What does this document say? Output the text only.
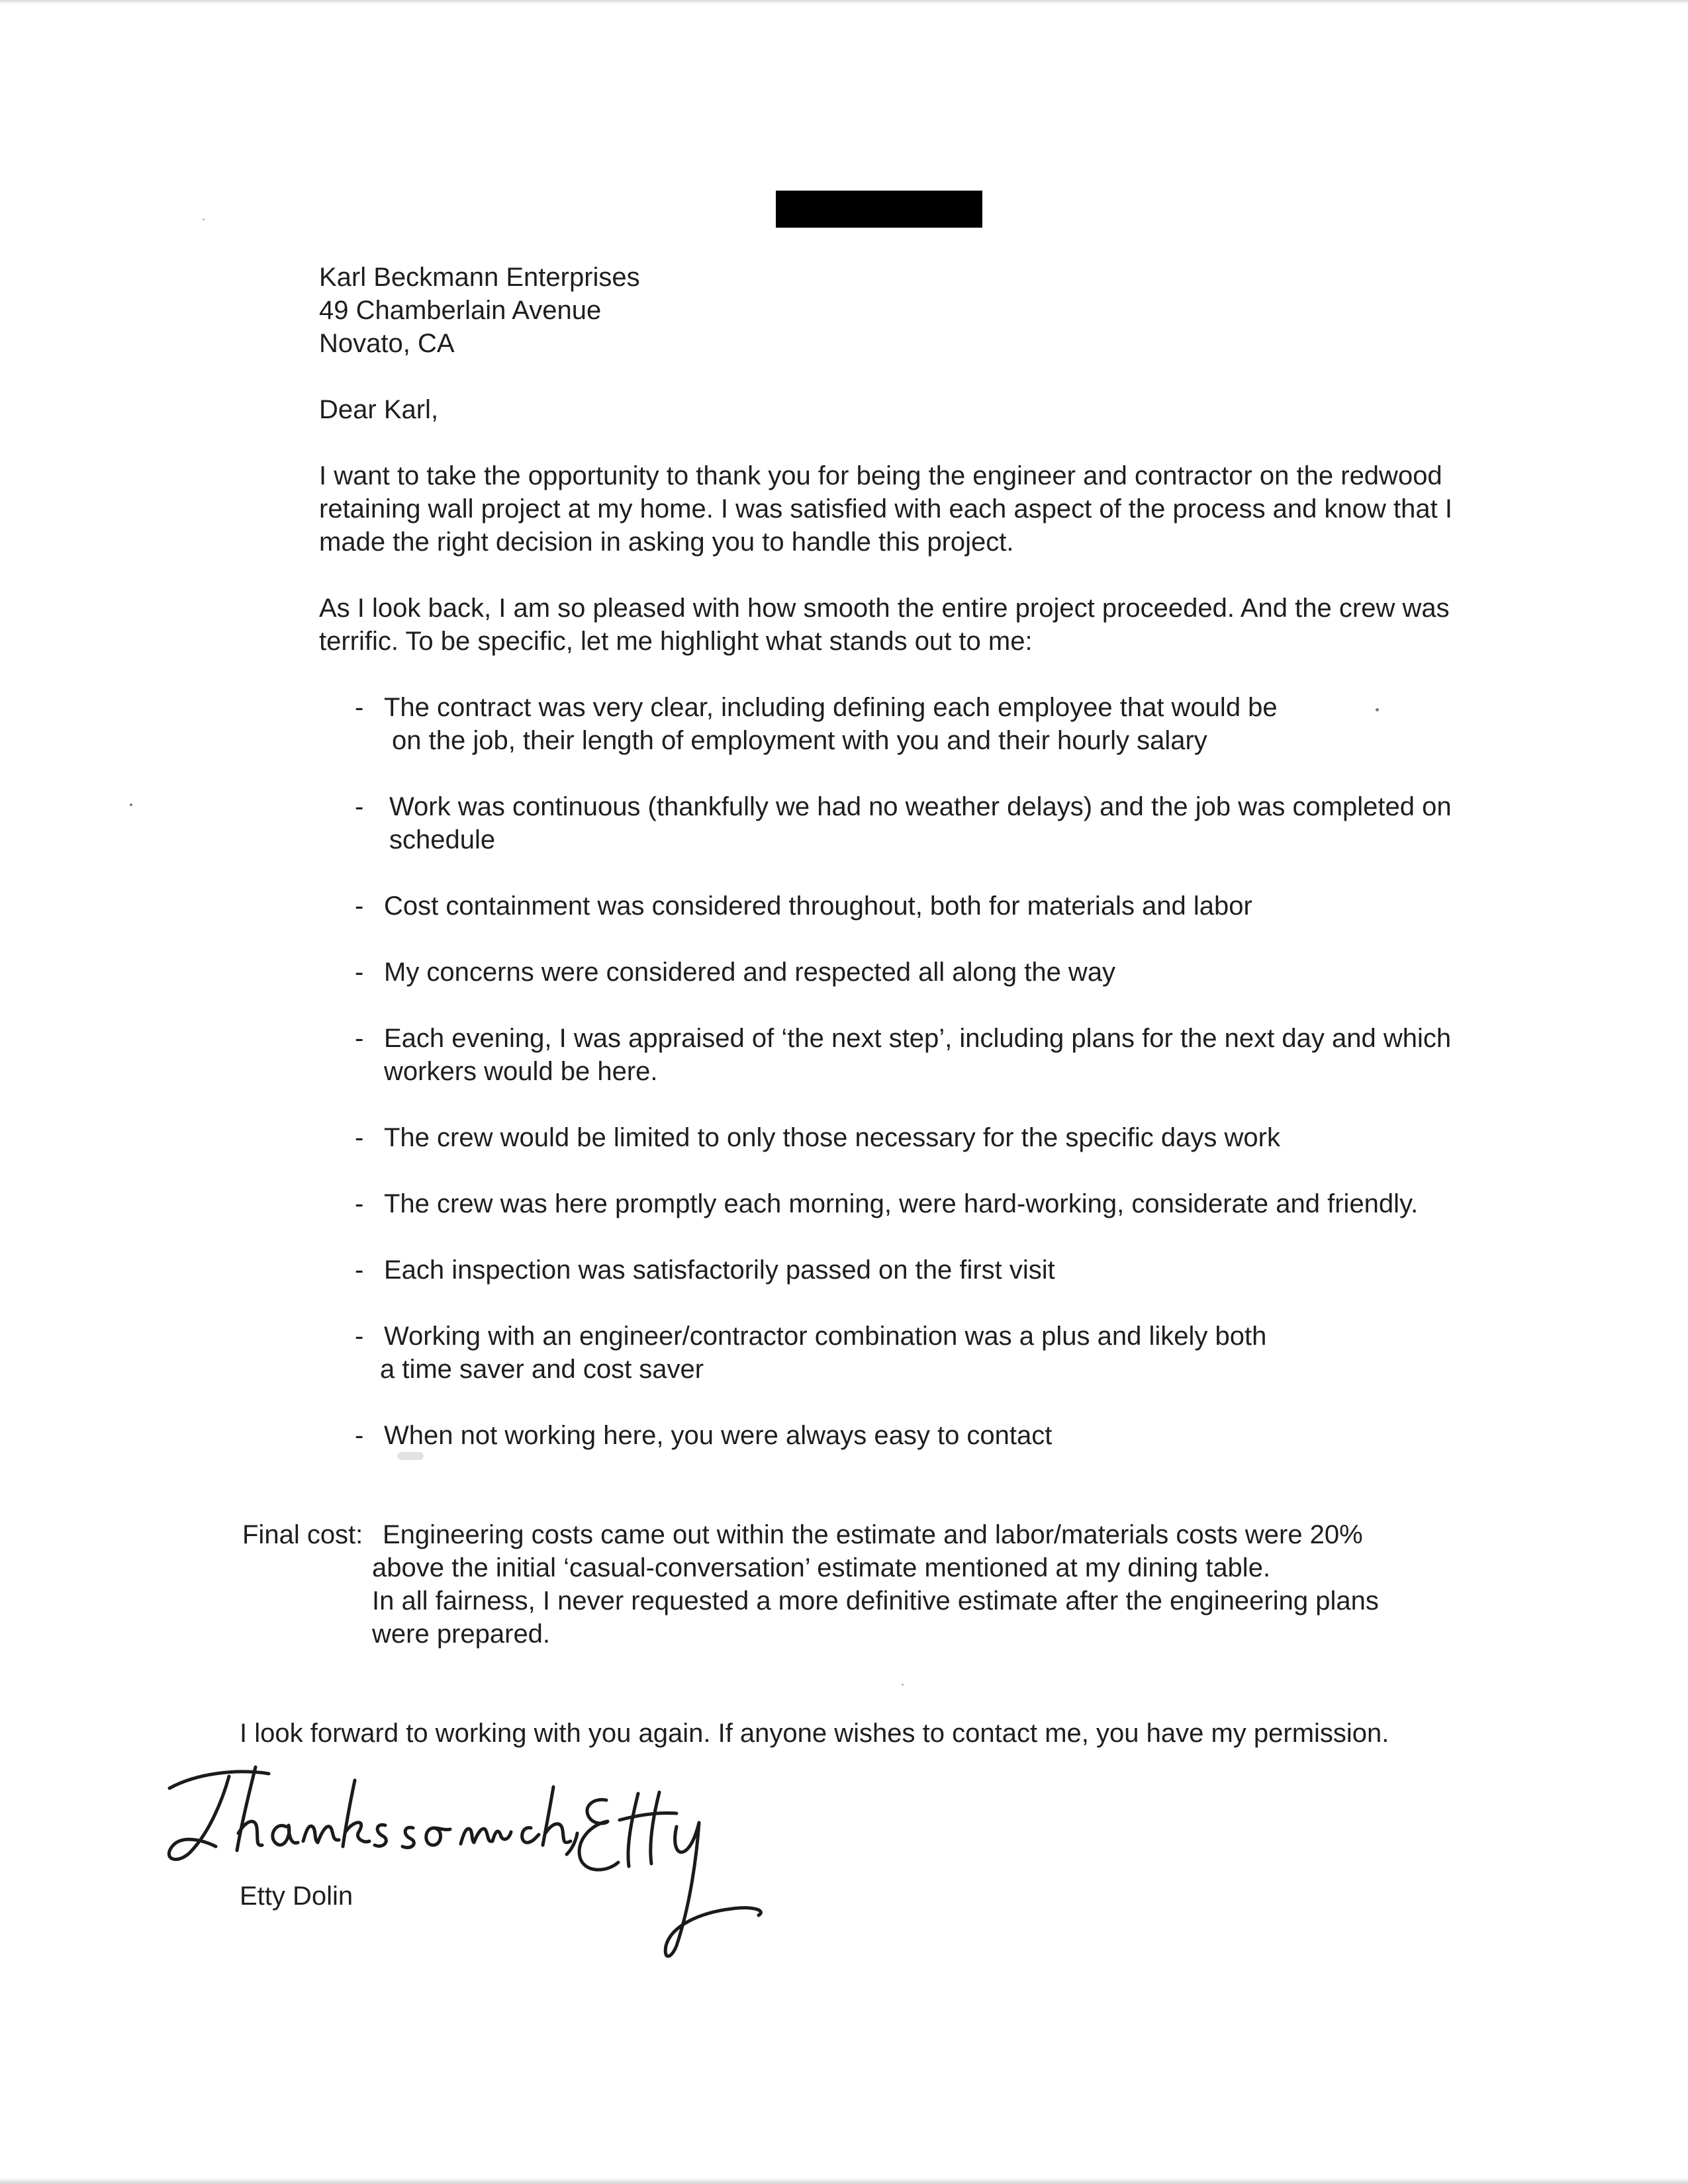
Karl Beckmann Enterprises
49 Chamberlain Avenue
Novato, CA
Dear Karl,
I want to take the opportunity to thank you for being the engineer and contractor on the redwood
retaining wall project at my home. I was satisfied with each aspect of the process and know that I
made the right decision in asking you to handle this project.
As I look back, I am so pleased with how smooth the entire project proceeded. And the crew was
terrific. To be specific, let me highlight what stands out to me:
- The contract was very clear, including defining each employee that would be
on the job, their length of employment with you and their hourly salary
- Work was continuous (thankfully we had no weather delays) and the job was completed on
schedule
- Cost containment was considered throughout, both for materials and labor
- My concerns were considered and respected all along the way
- Each evening, I was appraised of ‘the next step’, including plans for the next day and which
workers would be here.
- The crew would be limited to only those necessary for the specific days work
- The crew was here promptly each morning, were hard-working, considerate and friendly.
- Each inspection was satisfactorily passed on the first visit
- Working with an engineer/contractor combination was a plus and likely both
a time saver and cost saver
- When not working here, you were always easy to contact
Final cost: Engineering costs came out within the estimate and labor/materials costs were 20%
above the initial ‘casual-conversation’ estimate mentioned at my dining table.
In all fairness, I never requested a more definitive estimate after the engineering plans
were prepared.
I look forward to working with you again. If anyone wishes to contact me, you have my permission.
Etty Dolin
